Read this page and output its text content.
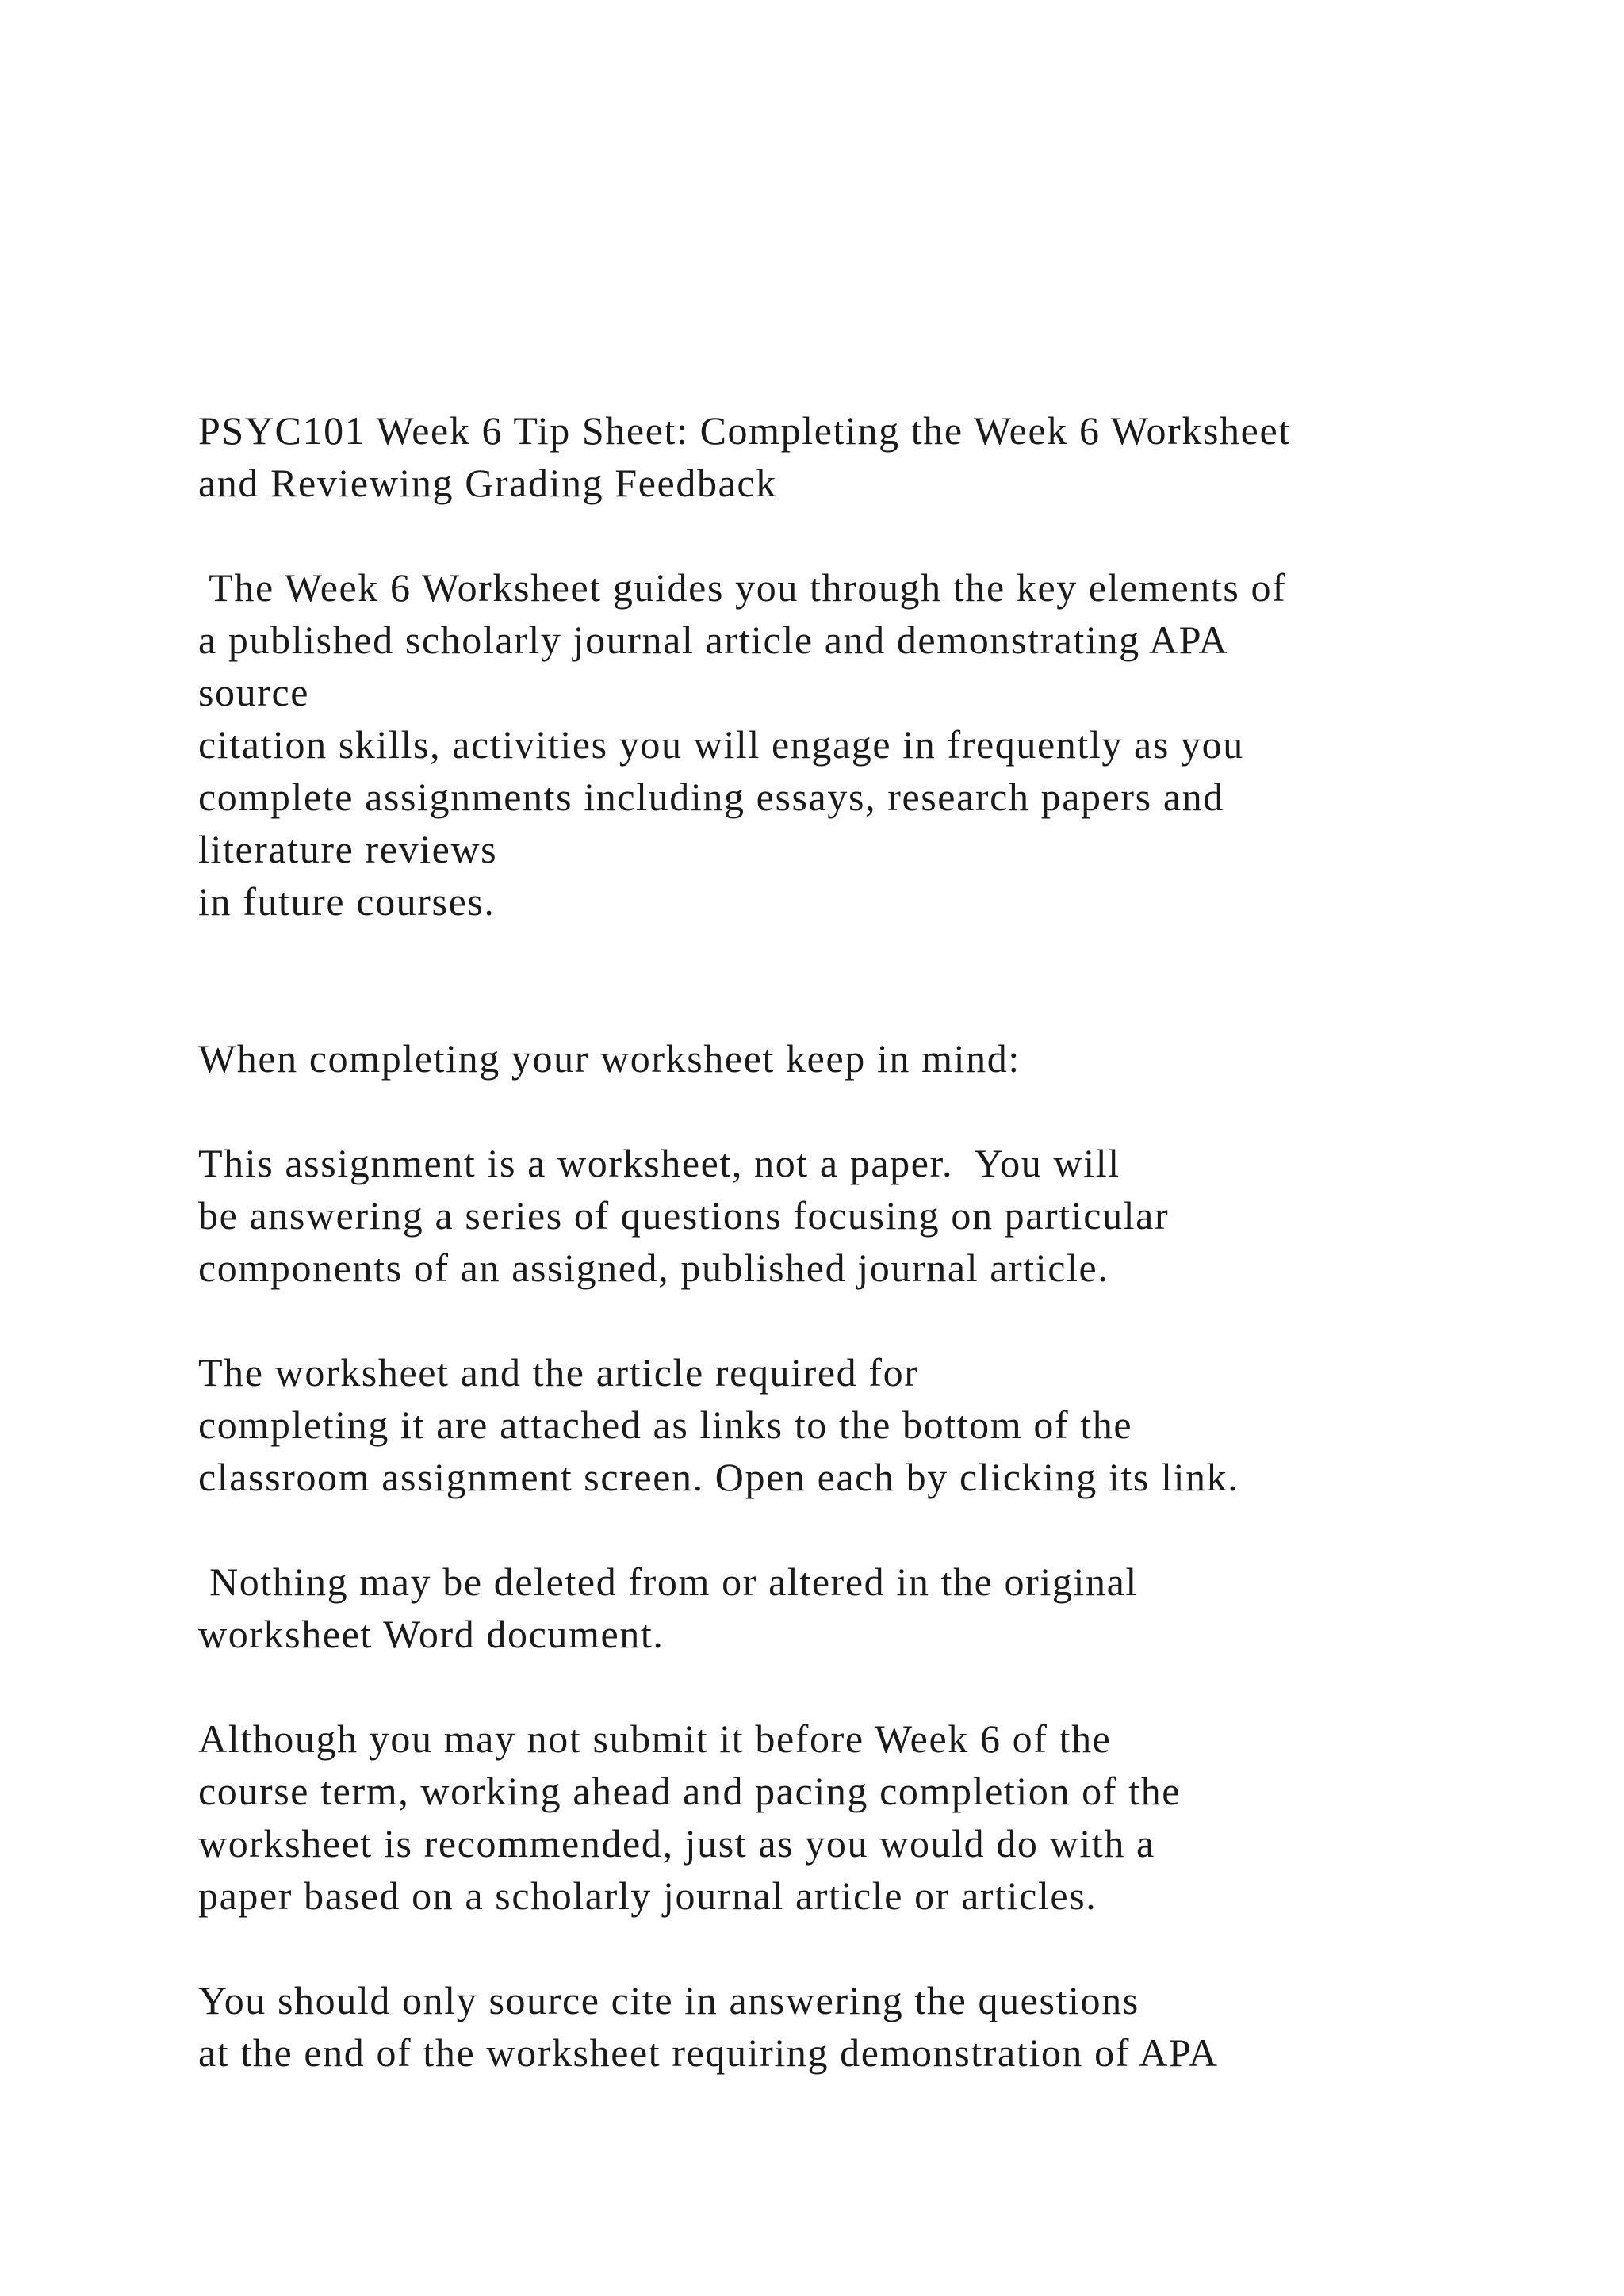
PSYC101 Week 6 Tip Sheet: Completing the Week 6 Worksheet
and Reviewing Grading Feedback
The Week 6 Worksheet guides you through the key elements of
a published scholarly journal article and demonstrating APA
source
citation skills, activities you will engage in frequently as you
complete assignments including essays, research papers and
literature reviews
in future courses.
When completing your worksheet keep in mind:
This assignment is a worksheet, not a paper.  You will
be answering a series of questions focusing on particular
components of an assigned, published journal article.
The worksheet and the article required for
completing it are attached as links to the bottom of the
classroom assignment screen. Open each by clicking its link.
Nothing may be deleted from or altered in the original
worksheet Word document.
Although you may not submit it before Week 6 of the
course term, working ahead and pacing completion of the
worksheet is recommended, just as you would do with a
paper based on a scholarly journal article or articles.
You should only source cite in answering the questions
at the end of the worksheet requiring demonstration of APA
